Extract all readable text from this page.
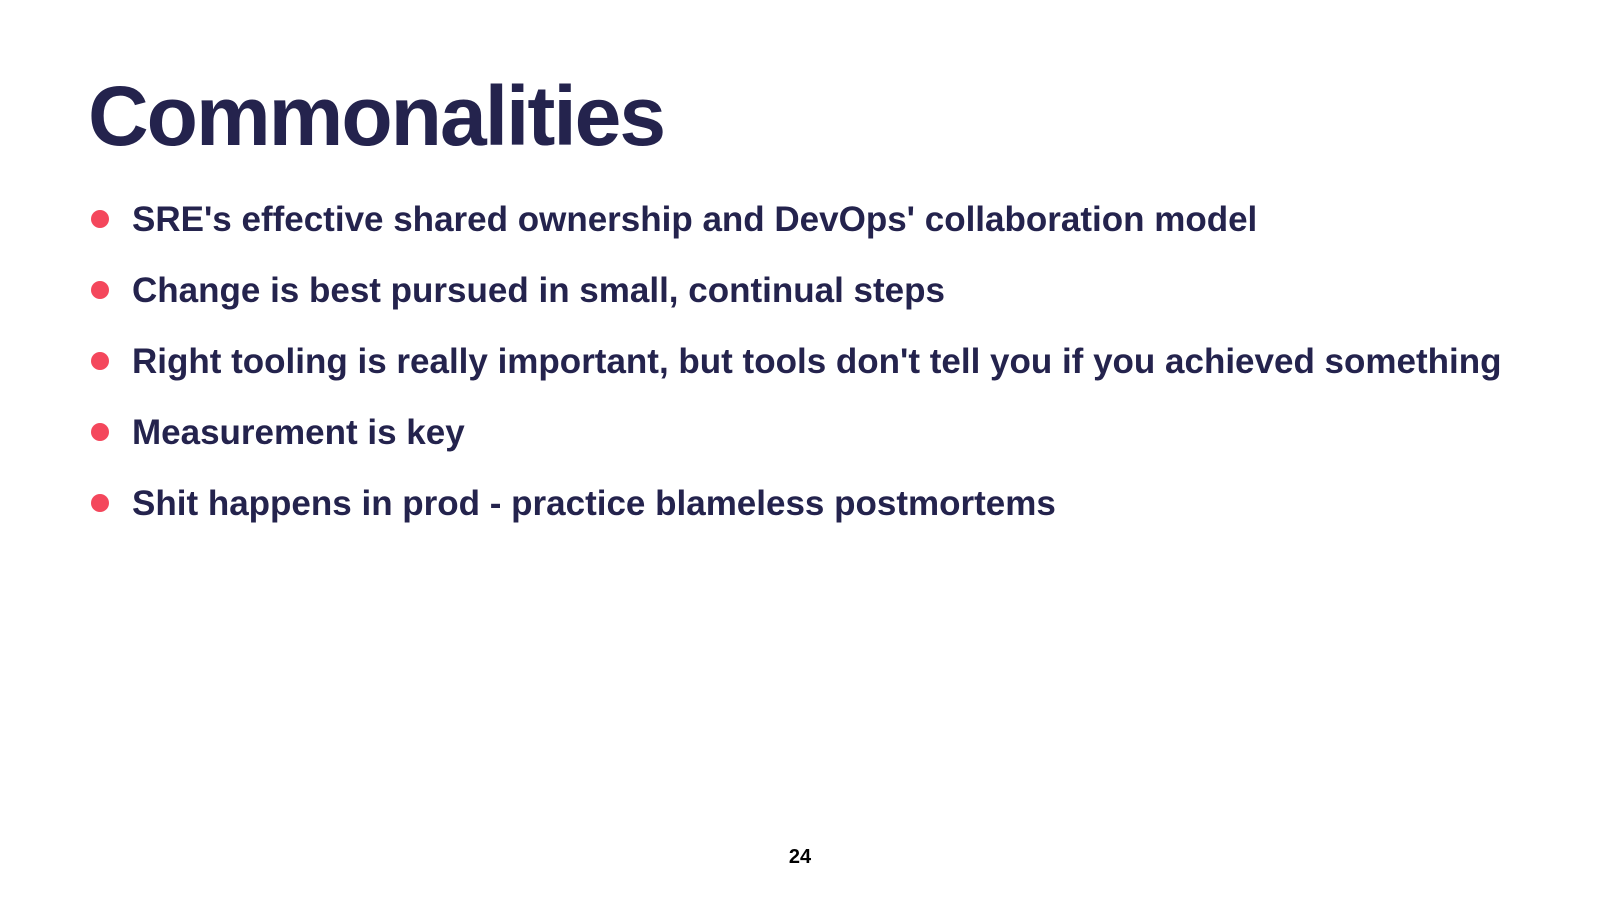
Commonalities
SRE's effective shared ownership and DevOps' collaboration model
Change is best pursued in small, continual steps
Right tooling is really important, but tools don't tell you if you achieved something
Measurement is key
Shit happens in prod - practice blameless postmortems
24
